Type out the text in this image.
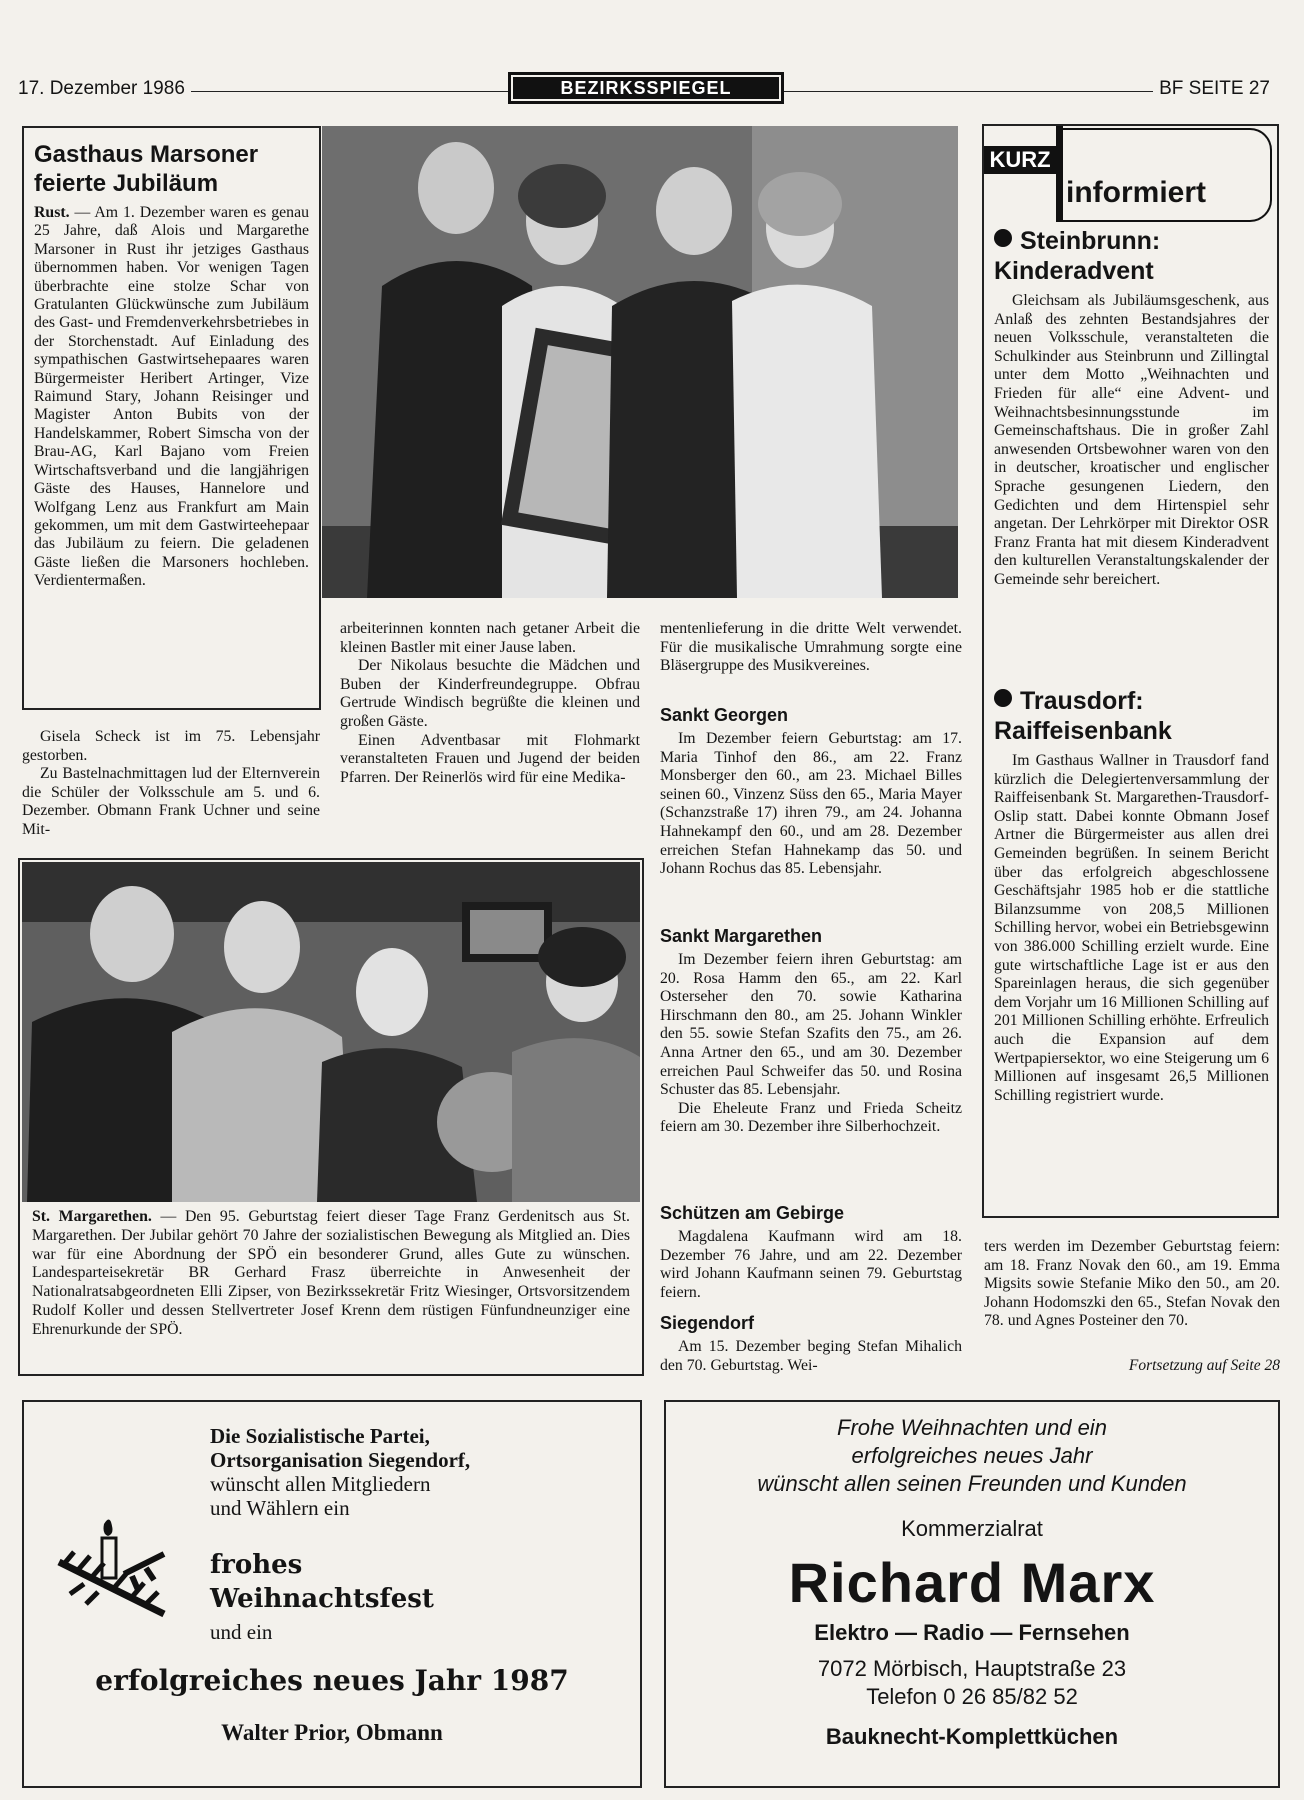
17. Dezember 1986	BEZIRKSSPIEGEL	BF SEITE 27
Gasthaus Marsoner
feierte Jubiläum
Rust. — Am 1. Dezember waren es genau 25 Jahre, daß Alois und Margarethe Marsoner in Rust ihr jetziges Gasthaus übernommen haben. Vor wenigen Tagen überbrachte eine stolze Schar von Gratulanten Glückwünsche zum Jubiläum des Gast- und Fremdenverkehrsbetriebes in der Storchenstadt. Auf Einladung des sympathischen Gastwirtsehepaares waren Bürgermeister Heribert Artinger, Vize Raimund Stary, Johann Reisinger und Magister Anton Bubits von der Handelskammer, Robert Simscha von der Brau-AG, Karl Bajano vom Freien Wirtschaftsverband und die langjährigen Gäste des Hauses, Hannelore und Wolfgang Lenz aus Frankfurt am Main gekommen, um mit dem Gastwirteehepaar das Jubiläum zu feiern. Die geladenen Gäste ließen die Marsoners hochleben. Verdientermaßen.

Gisela Scheck ist im 75. Lebensjahr gestorben.

Zu Bastelnachmittagen lud der Elternverein die Schüler der Volksschule am 5. und 6. Dezember. Obmann Frank Uchner und seine Mit-

arbeiterinnen konnten nach getaner Arbeit die kleinen Bastler mit einer Jause laben.

Der Nikolaus besuchte die Mädchen und Buben der Kinderfreundegruppe. Obfrau Gertrude Windisch begrüßte die kleinen und großen Gäste.

Einen Adventbasar mit Flohmarkt veranstalteten Frauen und Jugend der beiden Pfarren. Der Reinerlös wird für eine Medika-

mentenlieferung in die dritte Welt verwendet. Für die musikalische Umrahmung sorgte eine Bläsergruppe des Musikvereines.

Sankt Georgen

Im Dezember feiern Geburtstag: am 17. Maria Tinhof den 86., am 22. Franz Monsberger den 60., am 23. Michael Billes seinen 60., Vinzenz Süss den 65., Maria Mayer (Schanzstraße 17) ihren 79., am 24. Johanna Hahnekampf den 60., und am 28. Dezember erreichen Stefan Hahnekamp das 50. und Johann Rochus das 85. Lebensjahr.

Sankt Margarethen

Im Dezember feiern ihren Geburtstag: am 20. Rosa Hamm den 65., am 22. Karl Osterseher den 70. sowie Katharina Hirschmann den 80., am 25. Johann Winkler den 55. sowie Stefan Szafits den 75., am 26. Anna Artner den 65., und am 30. Dezember erreichen Paul Schweifer das 50. und Rosina Schuster das 85. Lebensjahr.

Die Eheleute Franz und Frieda Scheitz feiern am 30. Dezember ihre Silberhochzeit.

Schützen am Gebirge

Magdalena Kaufmann wird am 18. Dezember 76 Jahre, und am 22. Dezember wird Johann Kaufmann seinen 79. Geburtstag feiern.

Siegendorf

Am 15. Dezember beging Stefan Mihalich den 70. Geburtstag. Wei-

St. Margarethen. — Den 95. Geburtstag feiert dieser Tage Franz Gerdenitsch aus St. Margarethen. Der Jubilar gehört 70 Jahre der sozialistischen Bewegung als Mitglied an. Dies war für eine Abordnung der SPÖ ein besonderer Grund, alles Gute zu wünschen. Landesparteisekretär BR Gerhard Frasz überreichte in Anwesenheit der Nationalratsabgeordneten Elli Zipser, von Bezirkssekretär Fritz Wiesinger, Ortsvorsitzendem Rudolf Koller und dessen Stellvertreter Josef Krenn dem rüstigen Fünfundneunziger eine Ehrenurkunde der SPÖ.
KURZ
informiert
Steinbrunn:
Kinderadvent

Gleichsam als Jubiläumsgeschenk, aus Anlaß des zehnten Bestandsjahres der neuen Volksschule, veranstalteten die Schulkinder aus Steinbrunn und Zillingtal unter dem Motto „Weihnachten und Frieden für alle“ eine Advent- und Weihnachtsbesinnungsstunde im Gemeinschaftshaus. Die in großer Zahl anwesenden Ortsbewohner waren von den in deutscher, kroatischer und englischer Sprache gesungenen Liedern, den Gedichten und dem Hirtenspiel sehr angetan. Der Lehrkörper mit Direktor OSR Franz Franta hat mit diesem Kinderadvent den kulturellen Veranstaltungskalender der Gemeinde sehr bereichert.

Trausdorf:
Raiffeisenbank

Im Gasthaus Wallner in Trausdorf fand kürzlich die Delegiertenversammlung der Raiffeisenbank St. Margarethen-Trausdorf-Oslip statt. Dabei konnte Obmann Josef Artner die Bürgermeister aus allen drei Gemeinden begrüßen. In seinem Bericht über das erfolgreich abgeschlossene Geschäftsjahr 1985 hob er die stattliche Bilanzsumme von 208,5 Millionen Schilling hervor, wobei ein Betriebsgewinn von 386.000 Schilling erzielt wurde. Eine gute wirtschaftliche Lage ist er aus den Spareinlagen heraus, die sich gegenüber dem Vorjahr um 16 Millionen Schilling auf 201 Millionen Schilling erhöhte. Erfreulich auch die Expansion auf dem Wertpapiersektor, wo eine Steigerung um 6 Millionen auf insgesamt 26,5 Millionen Schilling registriert wurde.

ters werden im Dezember Geburtstag feiern: am 18. Franz Novak den 60., am 19. Emma Migsits sowie Stefanie Miko den 50., am 20. Johann Hodomszki den 65., Stefan Novak den 78. und Agnes Posteiner den 70.

Fortsetzung auf Seite 28
Die Sozialistische Partei,
Ortsorganisation Siegendorf,
wünscht allen Mitgliedern
und Wählern ein
frohes
Weihnachtsfest
und ein
erfolgreiches neues Jahr 1987
Walter Prior, Obmann
Frohe Weihnachten und ein
erfolgreiches neues Jahr
wünscht allen seinen Freunden und Kunden
Kommerzialrat
Richard Marx
Elektro — Radio — Fernsehen
7072 Mörbisch, Hauptstraße 23
Telefon 0 26 85/82 52
Bauknecht-Komplettküchen
